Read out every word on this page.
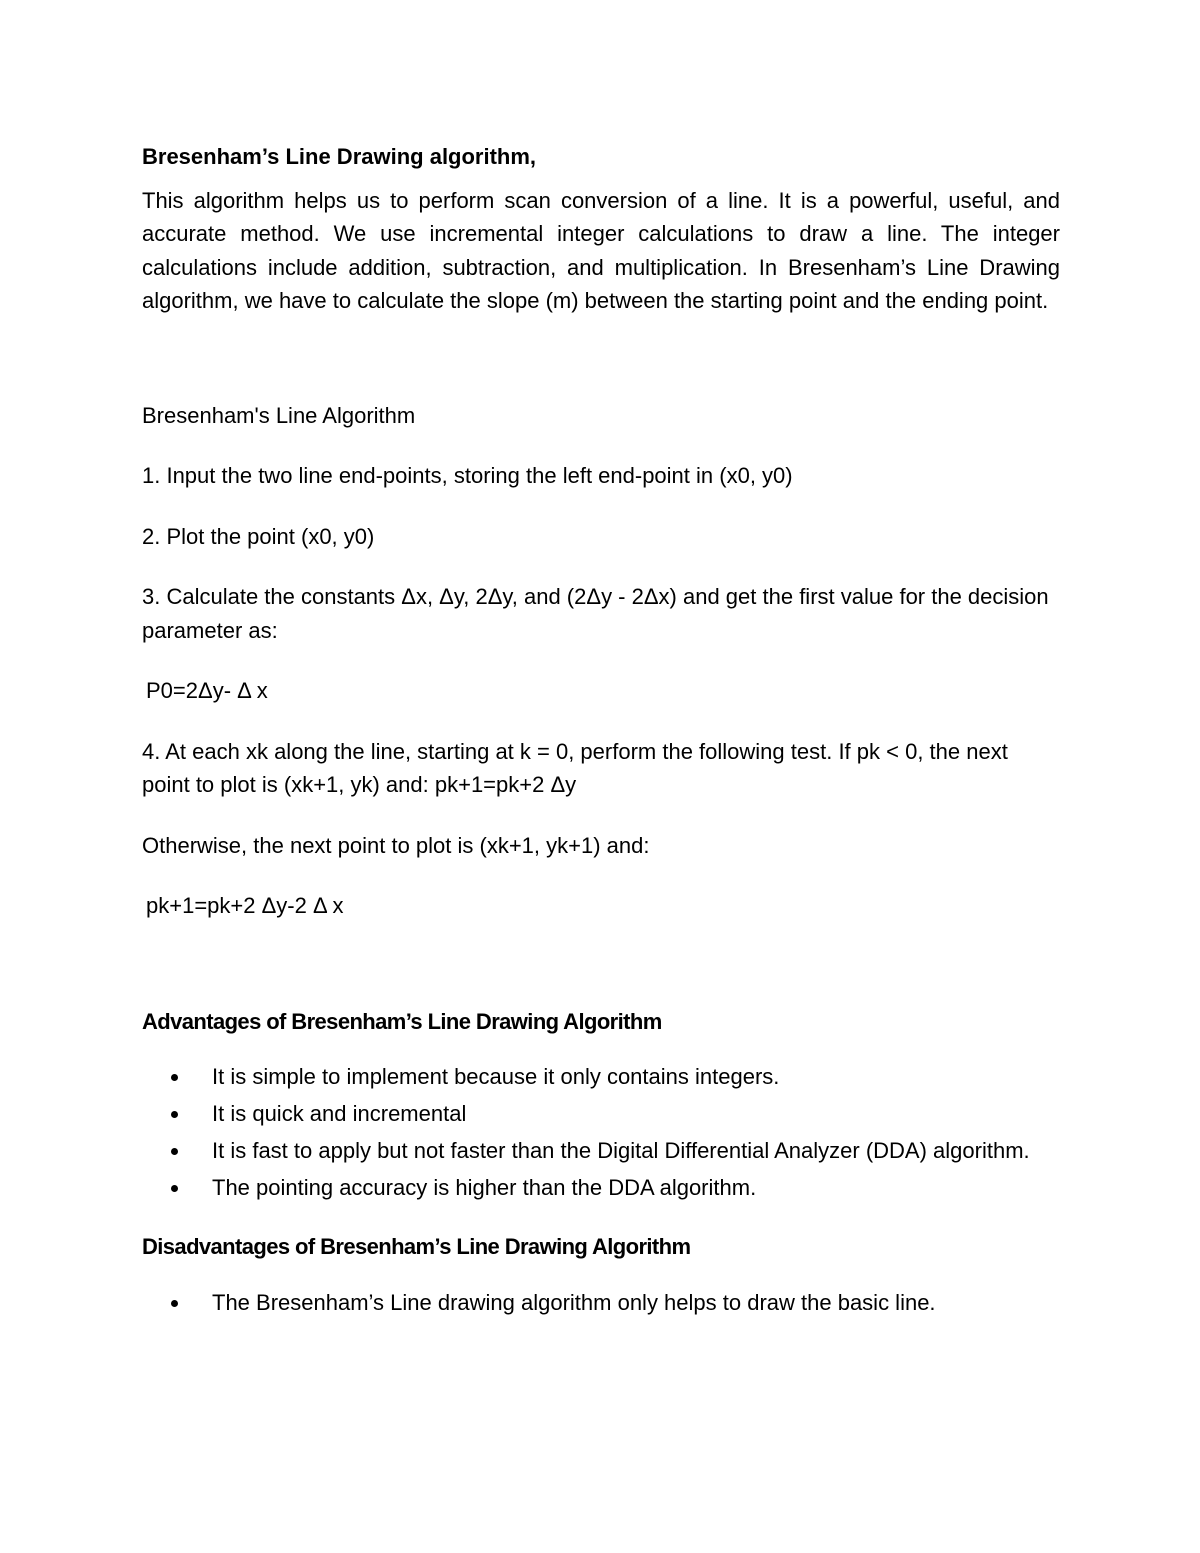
Bresenham’s Line Drawing algorithm,

This algorithm helps us to perform scan conversion of a line. It is a powerful, useful, and accurate method. We use incremental integer calculations to draw a line. The integer calculations include addition, subtraction, and multiplication. In Bresenham’s Line Drawing algorithm, we have to calculate the slope (m) between the starting point and the ending point.

Bresenham's Line Algorithm

1. Input the two line end-points, storing the left end-point in (x0, y0)

2. Plot the point (x0, y0)

3. Calculate the constants Δx, Δy, 2Δy, and (2Δy - 2Δx) and get the first value for the decision parameter as:

P0=2Δy- Δ x

4. At each xk along the line, starting at k = 0, perform the following test. If pk < 0, the next point to plot is (xk+1, yk) and: pk+1=pk+2 Δy

Otherwise, the next point to plot is (xk+1, yk+1) and:

pk+1=pk+2 Δy-2 Δ x

Advantages of Bresenham’s Line Drawing Algorithm

It is simple to implement because it only contains integers.
It is quick and incremental
It is fast to apply but not faster than the Digital Differential Analyzer (DDA) algorithm.
The pointing accuracy is higher than the DDA algorithm.

Disadvantages of Bresenham’s Line Drawing Algorithm

The Bresenham’s Line drawing algorithm only helps to draw the basic line.
